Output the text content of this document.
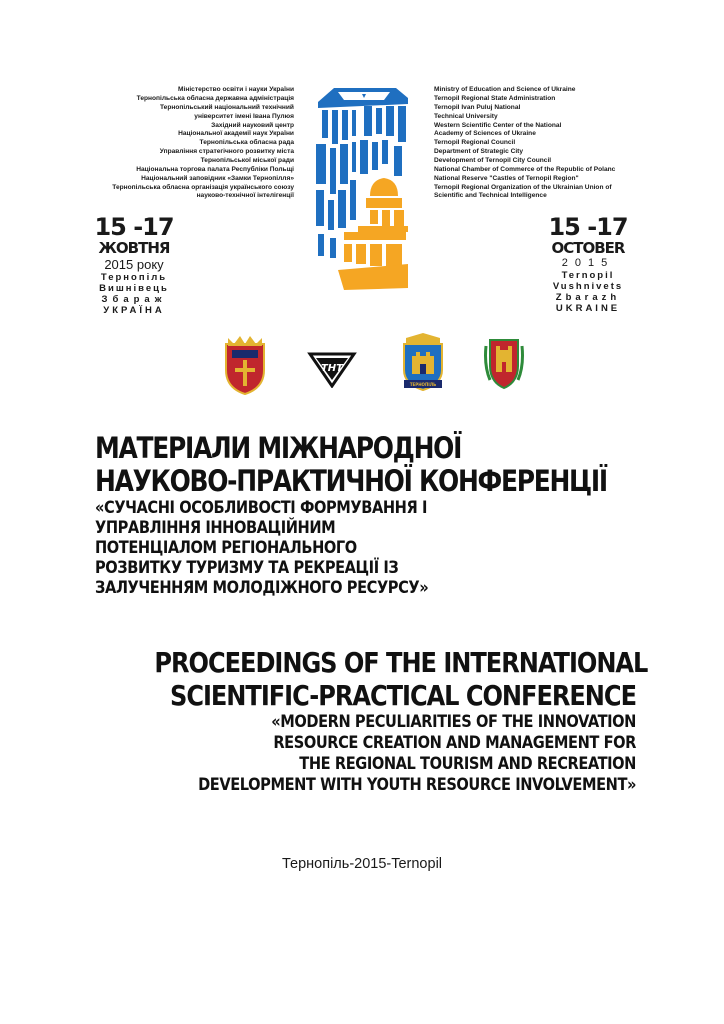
Міністерство освіти і науки України
Тернопільська обласна державна адміністрація
Тернопільський національний технічний
університет імені Івана Пулюя
Західний науковий центр
Національної академії наук України
Тернопільська обласна рада
Управління стратегічного розвитку міста
Тернопільської міської ради
Національна торгова палата Республіки Польщі
Національний заповідник «Замки Тернопілля»
Тернопільська обласна організація українського союзу
науково-технічної інтелігенції
Ministry of Education and Science of Ukraine
Ternopil Regional State Administration
Ternopil Ivan Puluj National
Technical University
Western Scientific Center of the National
Academy of Sciences of Ukraine
Ternopil Regional Council
Department of Strategic City
Development of Ternopil City Council
National Chamber of Commerce of the Republic of Polanc
National Reserve "Castles of Ternopil Region"
Ternopil Regional Organization of the Ukrainian Union of
Scientific and Technical Intelligence
15 -17
ЖОВТНЯ
2015 року
Тернопіль
Вишнівець
Збараж
УКРАЇНА
15 -17
OCTOBER
2015
Ternopil
Vushnivets
Zbarazh
UKRAINE
ТНТ
ТЕРНОПІЛЬ
МАТЕРІАЛИ МІЖНАРОДНОЇ
НАУКОВО-ПРАКТИЧНОЇ КОНФЕРЕНЦІЇ
«СУЧАСНІ ОСОБЛИВОСТІ ФОРМУВАННЯ І
УПРАВЛІННЯ ІННОВАЦІЙНИМ
ПОТЕНЦІАЛОМ РЕГІОНАЛЬНОГО
РОЗВИТКУ ТУРИЗМУ ТА РЕКРЕАЦІЇ ІЗ
ЗАЛУЧЕННЯМ МОЛОДІЖНОГО РЕСУРСУ»
PROCEEDINGS OF THE INTERNATIONAL
SCIENTIFIC-PRACTICAL CONFERENCE
«MODERN PECULIARITIES OF THE INNOVATION
RESOURCE CREATION AND MANAGEMENT FOR
THE REGIONAL TOURISM AND RECREATION
DEVELOPMENT WITH YOUTH RESOURCE INVOLVEMENT»
Тернопіль-2015-Ternopil
